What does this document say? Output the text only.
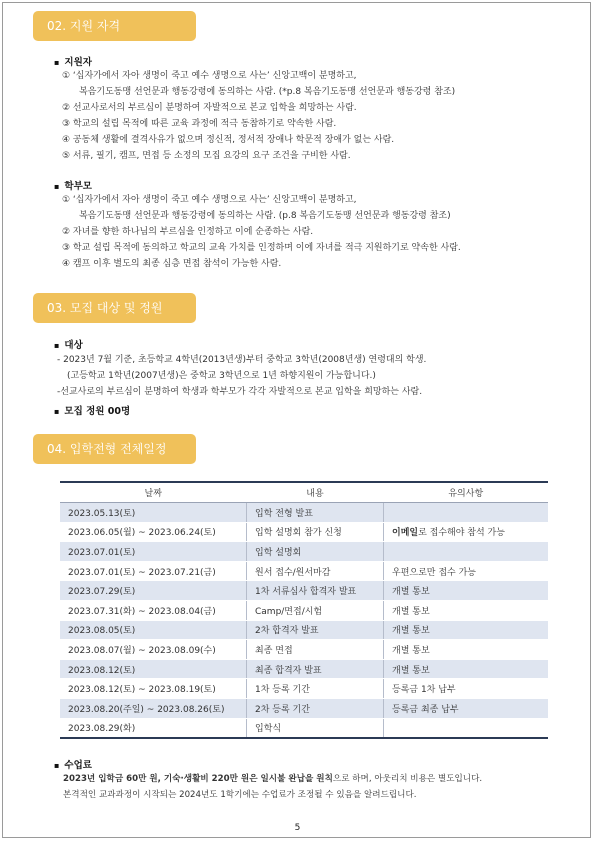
02. 지원 자격
▪ 지원자
① ‘십자가에서 자아 생명이 죽고 예수 생명으로 사는’ 신앙고백이 분명하고,
복음기도동맹 선언문과 행동강령에 동의하는 사람. (*p.8 복음기도동맹 선언문과 행동강령 참조)
② 선교사로서의 부르심이 분명하여 자발적으로 본교 입학을 희망하는 사람.
③ 학교의 설립 목적에 따른 교육 과정에 적극 동참하기로 약속한 사람.
④ 공동체 생활에 결격사유가 없으며 정신적, 정서적 장애나 학문적 장애가 없는 사람.
⑤ 서류, 필기, 캠프, 면접 등 소정의 모집 요강의 요구 조건을 구비한 사람.
▪ 학부모
① ‘십자가에서 자아 생명이 죽고 예수 생명으로 사는’ 신앙고백이 분명하고,
복음기도동맹 선언문과 행동강령에 동의하는 사람. (p.8 복음기도동맹 선언문과 행동강령 참조)
② 자녀를 향한 하나님의 부르심을 인정하고 이에 순종하는 사람.
③ 학교 설립 목적에 동의하고 학교의 교육 가치를 인정하며 이에 자녀를 적극 지원하기로 약속한 사람.
④ 캠프 이후 별도의 최종 심층 면접 참석이 가능한 사람.
03. 모집 대상 및 정원
▪ 대상
- 2023년 7월 기준, 초등학교 4학년(2013년생)부터 중학교 3학년(2008년생) 연령대의 학생.
(고등학교 1학년(2007년생)은 중학교 3학년으로 1년 하향지원이 가능합니다.)
-선교사로의 부르심이 분명하여 학생과 학부모가 각각 자발적으로 본교 입학을 희망하는 사람.
▪ 모집 정원 00명
04. 입학전형 전체일정
날짜	내용	유의사항
2023.05.13(토)	입학 전형 발표	
2023.06.05(월) ~ 2023.06.24(토)	입학 설명회 참가 신청	이메일로 접수해야 참석 가능
2023.07.01(토)	입학 설명회	
2023.07.01(토) ~ 2023.07.21(금)	원서 접수/원서마감	우편으로만 접수 가능
2023.07.29(토)	1차 서류심사 합격자 발표	개별 통보
2023.07.31(화) ~ 2023.08.04(금)	Camp/면접/시험	개별 통보
2023.08.05(토)	2차 합격자 발표	개별 통보
2023.08.07(월) ~ 2023.08.09(수)	최종 면접	개별 통보
2023.08.12(토)	최종 합격자 발표	개별 통보
2023.08.12(토) ~ 2023.08.19(토)	1차 등록 기간	등록금 1차 납부
2023.08.20(주일) ~ 2023.08.26(토)	2차 등록 기간	등록금 최종 납부
2023.08.29(화)	입학식	
▪ 수업료
2023년 입학금 60만 원, 기숙·생활비 220만 원은 일시불 완납을 원칙으로 하며, 아웃리치 비용은 별도입니다.
본격적인 교과과정이 시작되는 2024년도 1학기에는 수업료가 조정될 수 있음을 알려드립니다.
5
